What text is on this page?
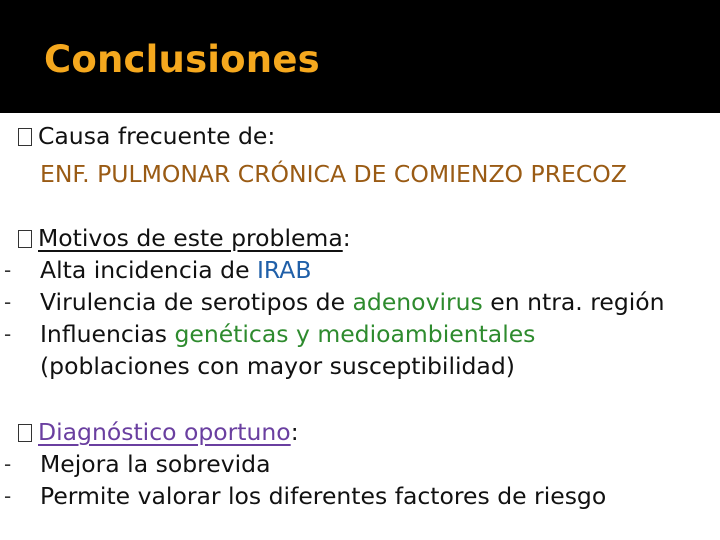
Conclusiones
Causa frecuente de:
ENF. PULMONAR CRÓNICA DE COMIENZO PRECOZ
Motivos de este problema:
- Alta incidencia de IRAB
- Virulencia de serotipos de adenovirus en ntra. región
- Influencias genéticas y medioambientales
(poblaciones con mayor susceptibilidad)
Diagnóstico oportuno:
- Mejora la sobrevida
- Permite valorar los diferentes factores de riesgo
